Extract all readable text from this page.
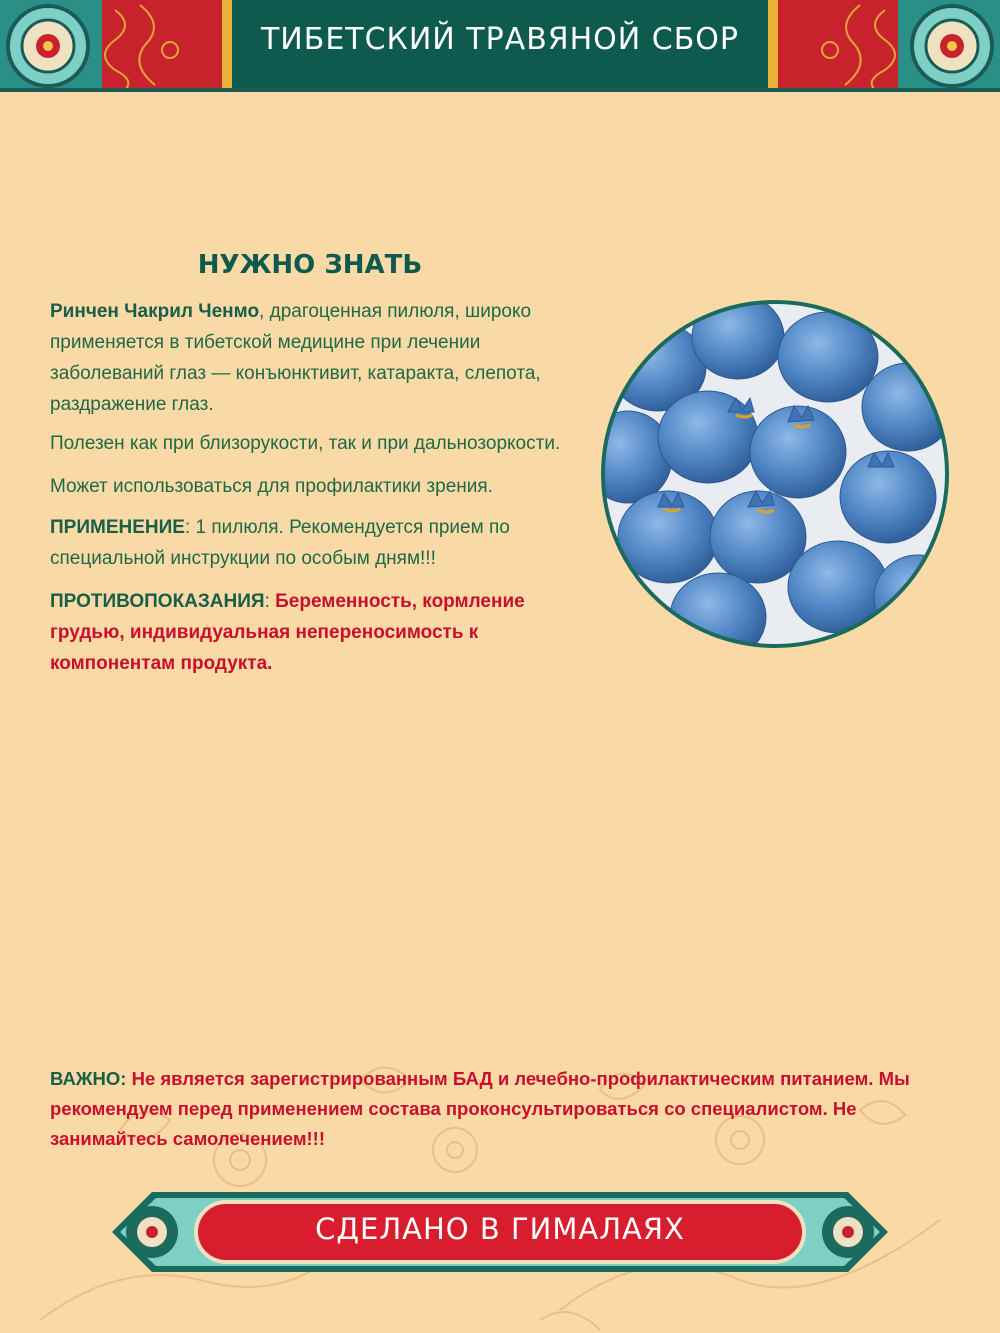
ТИБЕТСКИЙ ТРАВЯНОЙ СБОР
НУЖНО ЗНАТЬ
Ринчен Чакрил Ченмо, драгоценная пилюля, широко применяется в тибетской медицине при лечении заболеваний глаз — конъюнктивит, катаракта, слепота, раздражение глаз.
Полезен как при близорукости, так и при дальнозоркости.
Может использоваться для профилактики зрения.
ПРИМЕНЕНИЕ: 1 пилюля. Рекомендуется прием по специальной инструкции по особым дням!!!
ПРОТИВОПОКАЗАНИЯ: Беременность, кормление грудью, индивидуальная непереносимость к компонентам продукта.
ВАЖНО: Не является зарегистрированным БАД и лечебно-профилактическим питанием. Мы рекомендуем перед применением состава проконсультироваться со специалистом. Не занимайтесь самолечением!!!
СДЕЛАНО В ГИМАЛАЯХ
